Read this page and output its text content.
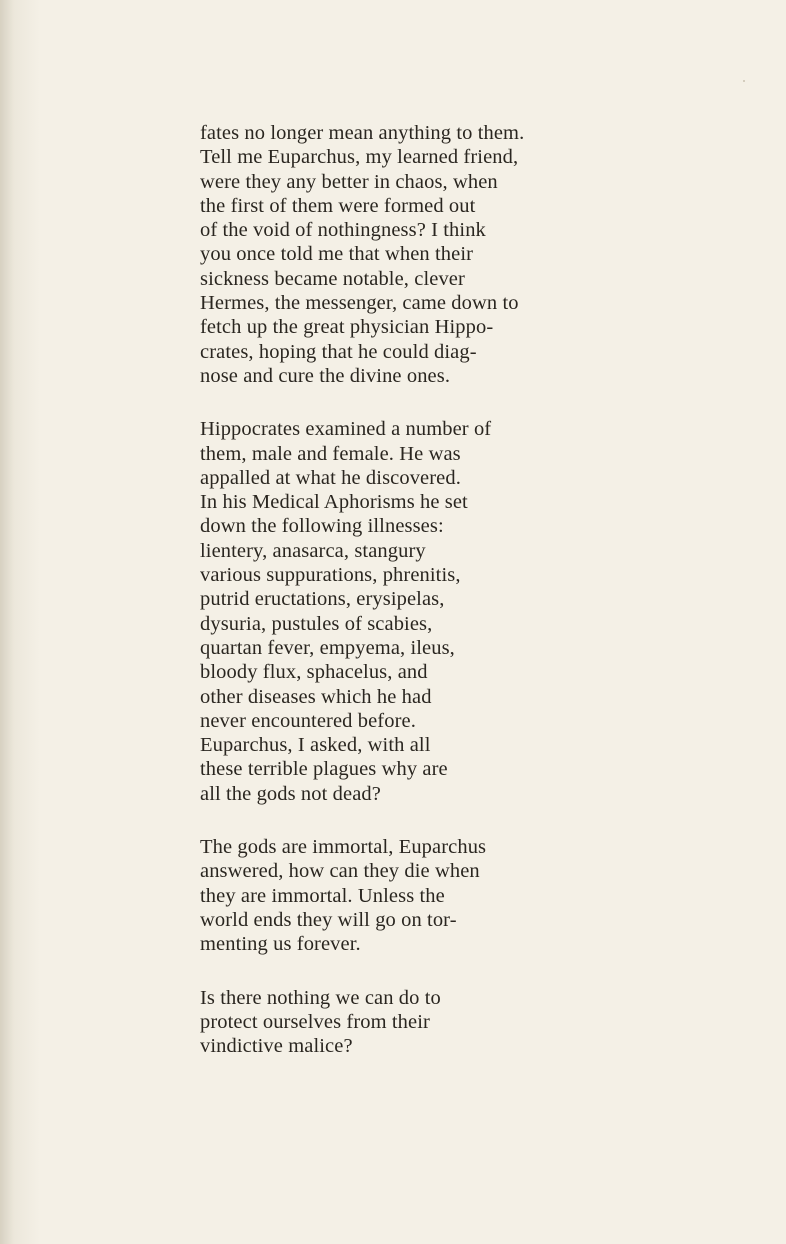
fates no longer mean anything to them.
Tell me Euparchus, my learned friend,
were they any better in chaos, when
the first of them were formed out
of the void of nothingness? I think
you once told me that when their
sickness became notable, clever
Hermes, the messenger, came down to
fetch up the great physician Hippo-
crates, hoping that he could diag-
nose and cure the divine ones.
Hippocrates examined a number of
them, male and female. He was
appalled at what he discovered.
In his Medical Aphorisms he set
down the following illnesses:
lientery, anasarca, stangury
various suppurations, phrenitis,
putrid eructations, erysipelas,
dysuria, pustules of scabies,
quartan fever, empyema, ileus,
bloody flux, sphacelus, and
other diseases which he had
never encountered before.
Euparchus, I asked, with all
these terrible plagues why are
all the gods not dead?
The gods are immortal, Euparchus
answered, how can they die when
they are immortal. Unless the
world ends they will go on tor-
menting us forever.
Is there nothing we can do to
protect ourselves from their
vindictive malice?
